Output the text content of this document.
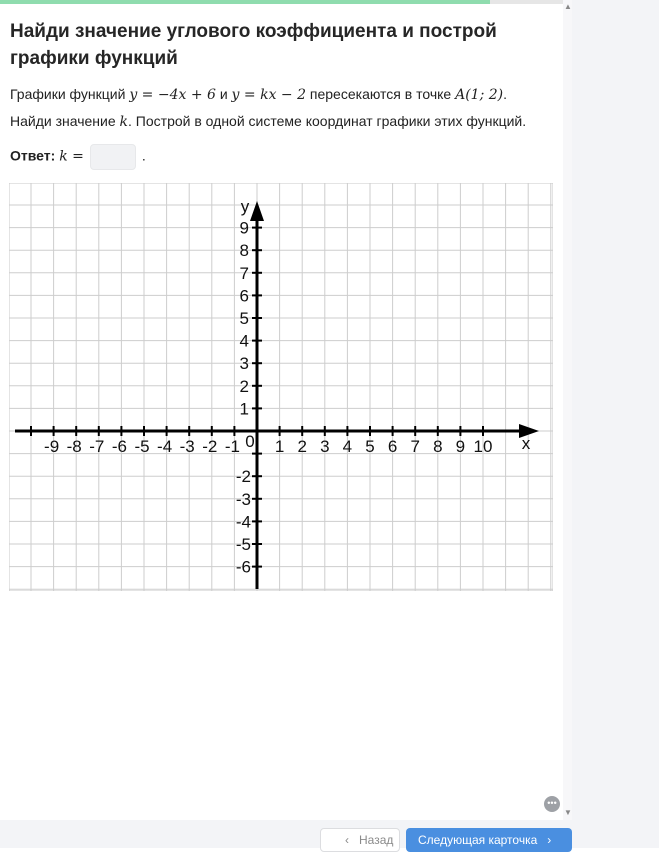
▲
▼
Найди значение углового коэффициента и построй графики функций
Графики функций y = −4x + 6 и y = kx − 2 пересекаются в точке A(1; 2).
Найди значение k. Построй в одной системе координат графики этих функций.
Ответ: k =	.
-9 -8 -7 -6 -5 -4 -3 -2 -1 1 2 3 4 5 6 7 8 9 10
1
2
3
4
5
6
7
8
9
-2
-3
-4
-5
-6
0	x
y
‹ Назад Следующая карточка ›
•••
